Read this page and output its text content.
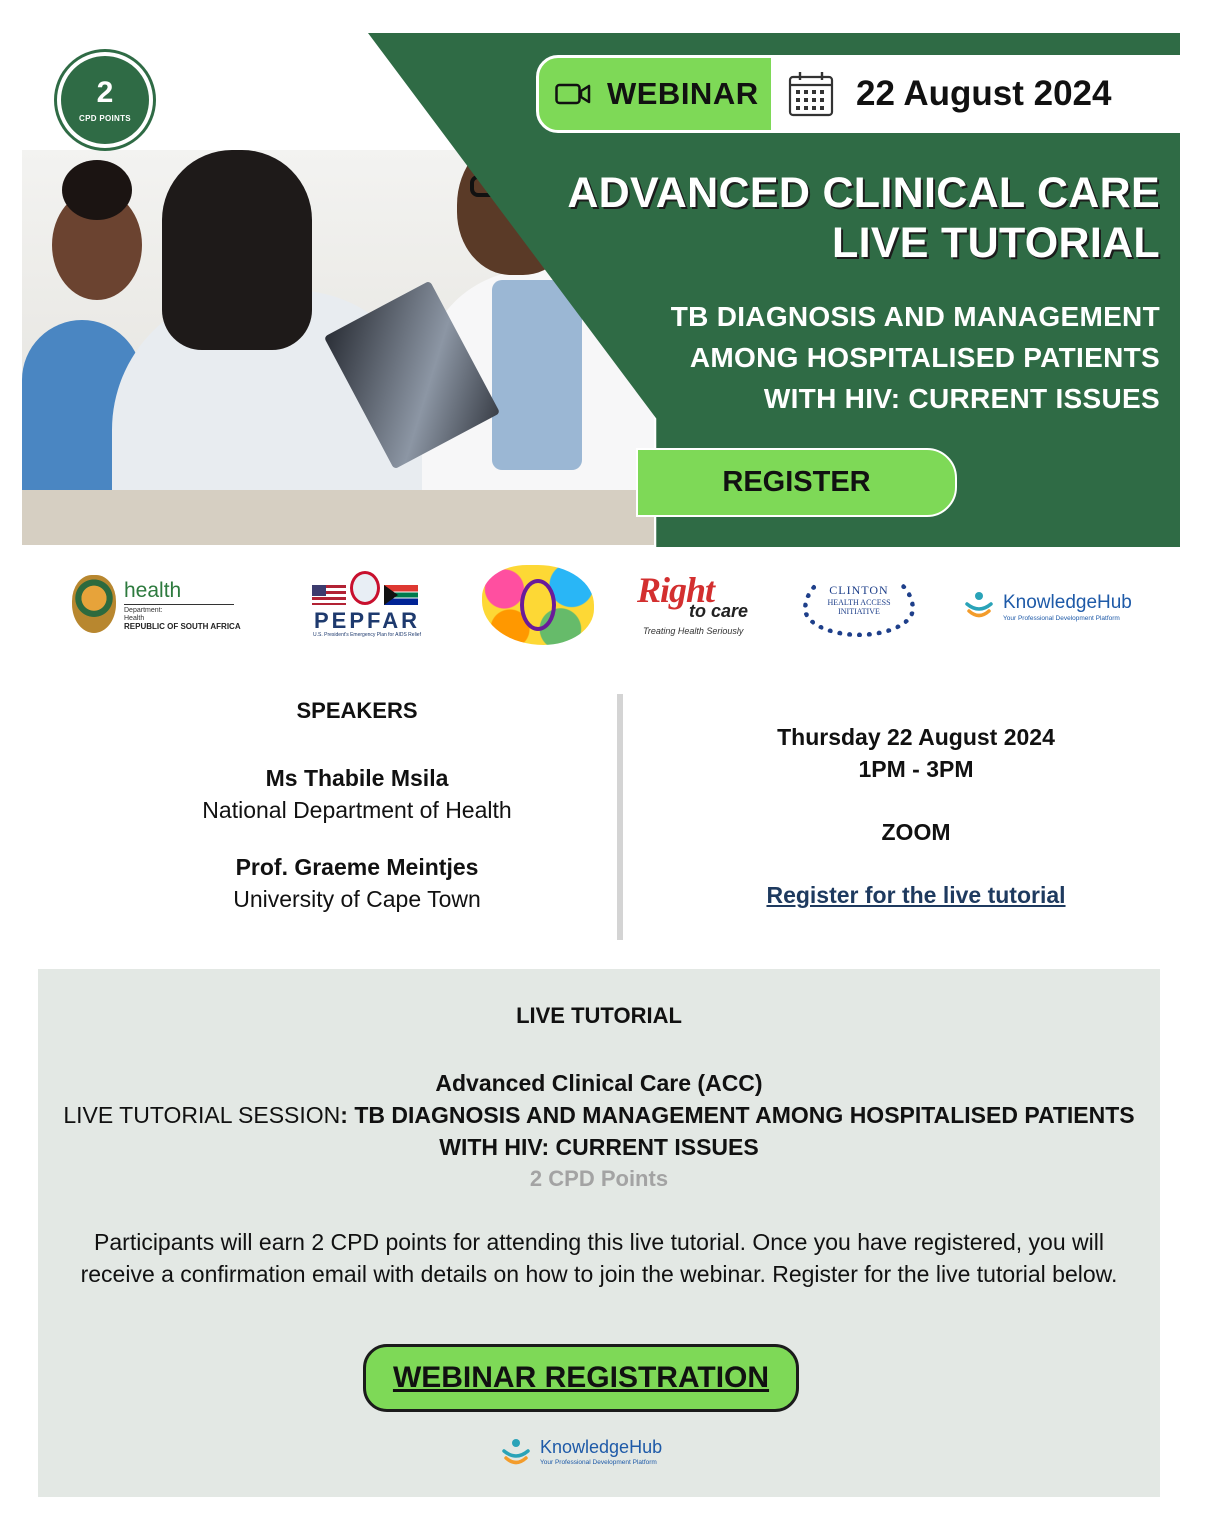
2
CPD POINTS
WEBINAR	22 August 2024
ADVANCED CLINICAL CARE
LIVE TUTORIAL
TB DIAGNOSIS AND MANAGEMENT
AMONG HOSPITALISED PATIENTS
WITH HIV: CURRENT ISSUES
REGISTER
health
Department:
Health
REPUBLIC OF SOUTH AFRICA	PEPFAR
U.S. President's Emergency Plan for AIDS Relief
Right
to care
Treating Health Seriously
CLINTON
HEALTH ACCESS
INITIATIVE	KnowledgeHub
Your Professional Development Platform
SPEAKERS
Ms Thabile Msila
National Department of Health
Prof. Graeme Meintjes
University of Cape Town
Thursday 22 August 2024
1PM - 3PM
ZOOM
Register for the live tutorial
LIVE TUTORIAL
Advanced Clinical Care (ACC)
LIVE TUTORIAL SESSION: TB DIAGNOSIS AND MANAGEMENT AMONG HOSPITALISED PATIENTS WITH HIV: CURRENT ISSUES
2 CPD Points
Participants will earn 2 CPD points for attending this live tutorial. Once you have registered, you will receive a confirmation email with details on how to join the webinar. Register for the live tutorial below.
WEBINAR REGISTRATION
KnowledgeHub
Your Professional Development Platform
